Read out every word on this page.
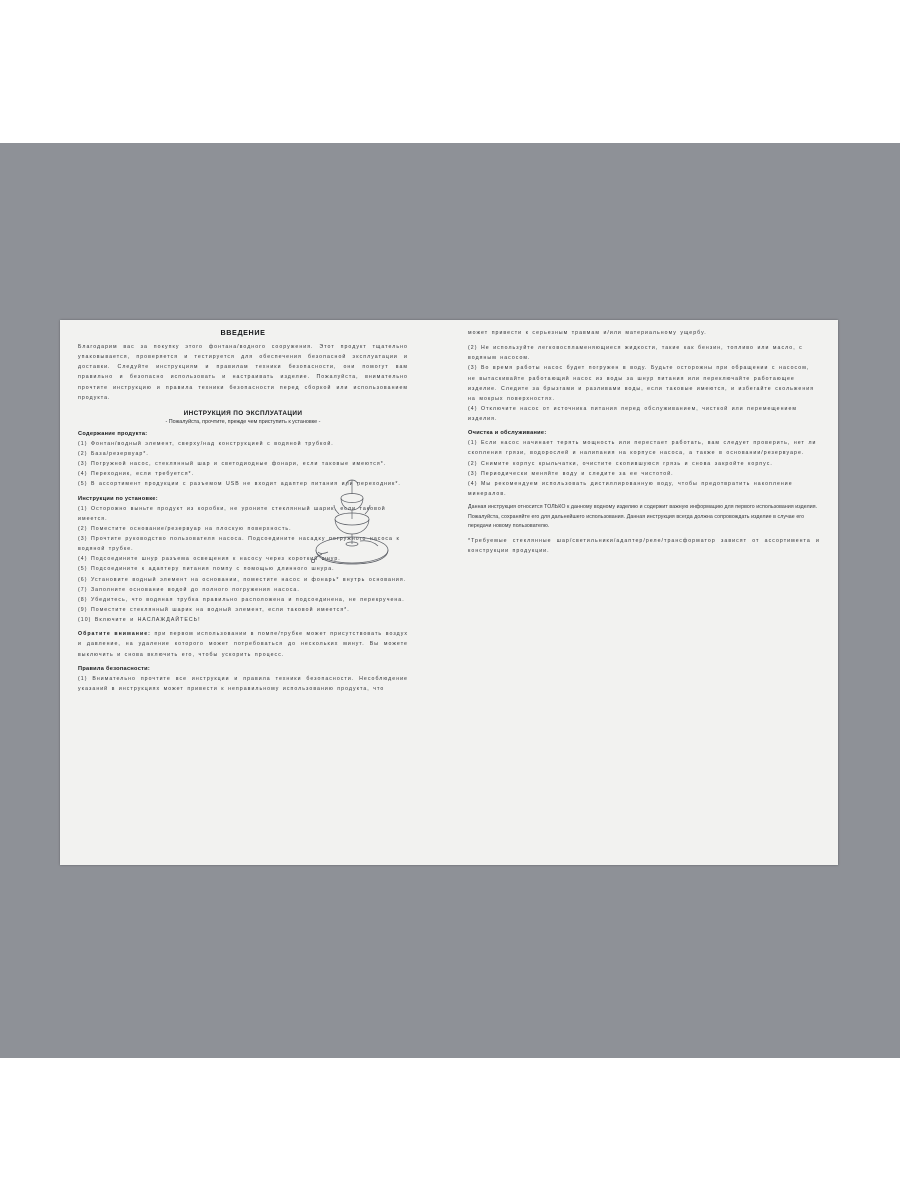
ВВЕДЕНИЕ

Благодарим вас за покупку этого фонтана/водного сооружения. Этот продукт тщательно упаковывается, проверяется и тестируется для обеспечения безопасной эксплуатации и доставки. Следуйте инструкциям и правилам техники безопасности, они помогут вам правильно и безопасно использовать и настраивать изделие. Пожалуйста, внимательно прочтите инструкцию и правила техники безопасности перед сборкой или использованием продукта.

ИНСТРУКЦИЯ ПО ЭКСПЛУАТАЦИИ
- Пожалуйста, прочтите, прежде чем приступить к установке -
Содержание продукта:
(1) Фонтан/водный элемент, сверху/над конструкцией с водяной трубкой.
(2) База/резервуар*.
(3) Погружной насос, стеклянный шар и светодиодные фонари, если таковые имеются*.
(4) Переходник, если требуется*.
(5) В ассортимент продукции с разъемом USB не входит адаптер питания или переходник*.
Инструкции по установке:
(1) Осторожно выньте продукт из коробки, не уроните стеклянный шарик, если таковой имеется.
(2) Поместите основание/резервуар на плоскую поверхность.
(3) Прочтите руководство пользователя насоса. Подсоедините насадку погружного насоса к водяной трубке.
(4) Подсоедините шнур разъема освещения к насосу через короткий шнур.
(5) Подсоедините к адаптеру питания помпу с помощью длинного шнура.
(6) Установите водный элемент на основании, поместите насос и фонарь* внутрь основания.
(7) Заполните основание водой до полного погружения насоса.
(8) Убедитесь, что водяная трубка правильно расположена и подсоединена, не перекручена.
(9) Поместите стеклянный шарик на водный элемент, если таковой имеется*.
(10) Включите и НАСЛАЖДАЙТЕСЬ!

Обратите внимание: при первом использовании в помпе/трубке может присутствовать воздух и давление, на удаление которого может потребоваться до нескольких минут. Вы можете выключить и снова включить его, чтобы ускорить процесс.

Правила безопасности:

(1) Внимательно прочтите все инструкции и правила техники безопасности. Несоблюдение указаний в инструкциях может привести к неправильному использованию продукта, что

может привести к серьезным травмам и/или материальному ущербу.

(2) Не используйте легковоспламеняющиеся жидкости, такие как бензин, топливо или масло, с водяным насосом.
(3) Во время работы насос будет погружен в воду. Будьте осторожны при обращении с насосом, не вытаскивайте работающий насос из воды за шнур питания или переключайте работающее изделие. Следите за брызгами и разливами воды, если таковые имеются, и избегайте скольжения на мокрых поверхностях.
(4) Отключите насос от источника питания перед обслуживанием, чисткой или перемещением изделия.
Очистка и обслуживание:
(1) Если насос начинает терять мощность или перестает работать, вам следует проверить, нет ли скопления грязи, водорослей и налипания на корпусе насоса, а также в основании/резервуаре.
(2) Снимите корпус крыльчатки, очистите скопившуюся грязь и снова закройте корпус.
(3) Периодически меняйте воду и следите за ее чистотой.
(4) Мы рекомендуем использовать дистиллированную воду, чтобы предотвратить накопление минералов.

Данная инструкция относится ТОЛЬКО к данному водному изделию и содержит важную информацию для первого использования изделия. Пожалуйста, сохраняйте его для дальнейшего использования. Данная инструкция всегда должна сопровождать изделие в случае его передачи новому пользователю.

*Требуемые стеклянные шар/светильники/адаптер/реле/трансформатор зависят от ассортимента и конструкции продукции.
